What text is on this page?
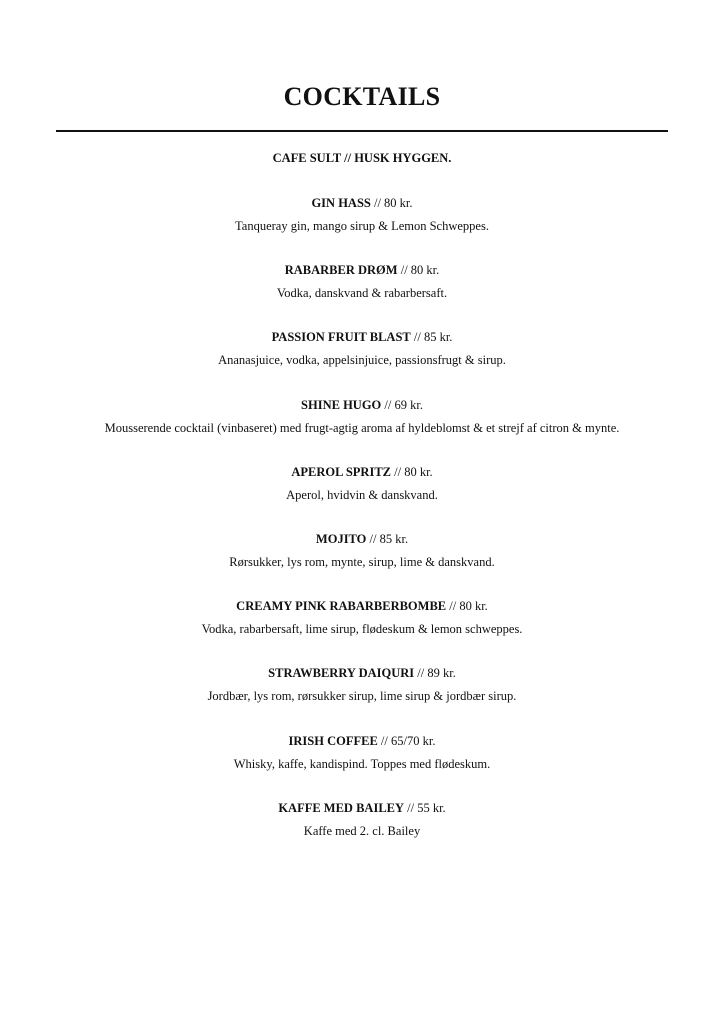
COCKTAILS
CAFE SULT // HUSK HYGGEN.
GIN HASS // 80 kr.
Tanqueray gin, mango sirup & Lemon Schweppes.
RABARBER DRØM // 80 kr.
Vodka, danskvand & rabarbersaft.
PASSION FRUIT BLAST // 85 kr.
Ananasjuice, vodka, appelsinjuice, passionsfrugt & sirup.
SHINE HUGO // 69 kr.
Mousserende cocktail (vinbaseret) med frugt-agtig aroma af hyldeblomst & et strejf af citron & mynte.
APEROL SPRITZ // 80 kr.
Aperol, hvidvin & danskvand.
MOJITO // 85 kr.
Rørsukker, lys rom, mynte, sirup, lime & danskvand.
CREAMY PINK RABARBERBOMBE // 80 kr.
Vodka, rabarbersaft, lime sirup, flødeskum & lemon schweppes.
STRAWBERRY DAIQURI // 89 kr.
Jordbær, lys rom, rørsukker sirup, lime sirup & jordbær sirup.
IRISH COFFEE // 65/70 kr.
Whisky, kaffe, kandispind. Toppes med flødeskum.
KAFFE MED BAILEY // 55 kr.
Kaffe med 2. cl. Bailey
